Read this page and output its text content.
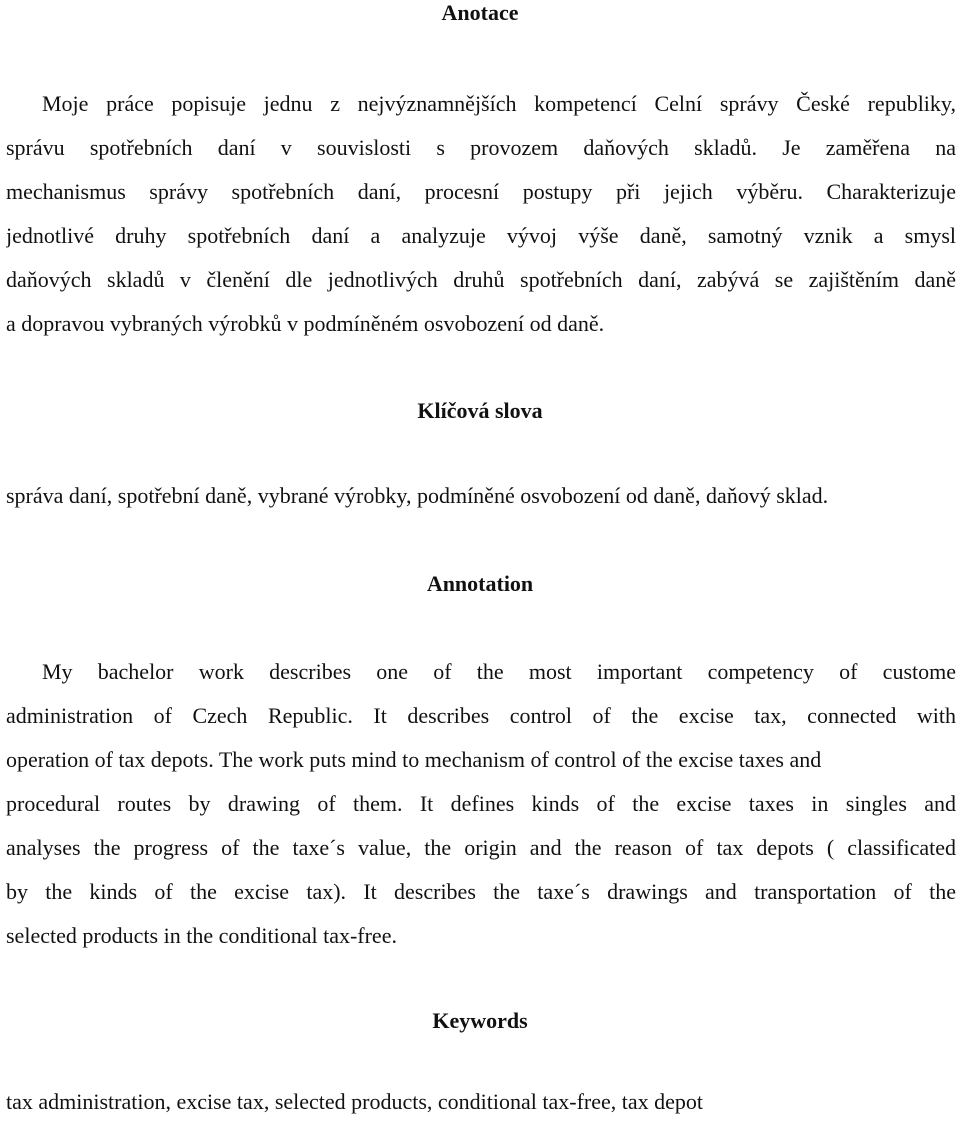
Anotace
Moje práce popisuje jednu z nejvýznamnějších kompetencí Celní správy České republiky,
správu spotřebních daní v souvislosti s provozem daňových skladů. Je zaměřena na
mechanismus správy spotřebních daní, procesní postupy při jejich výběru. Charakterizuje
jednotlivé druhy spotřebních daní a analyzuje vývoj výše daně, samotný vznik a smysl
daňových skladů v členění dle jednotlivých druhů spotřebních daní, zabývá se zajištěním daně
a dopravou vybraných výrobků v podmíněném osvobození od daně.
Klíčová slova
správa daní, spotřební daně, vybrané výrobky, podmíněné osvobození od daně, daňový sklad.
Annotation
My bachelor work describes one of the most important competency of custome
administration of Czech Republic. It describes control of the excise tax, connected with
operation of tax depots. The work puts mind to mechanism of control of the excise taxes and
procedural routes by drawing of them. It defines kinds of the excise taxes in singles and
analyses the progress of the taxe´s value, the origin and the reason of tax depots ( classificated
by the kinds of the excise tax). It describes the taxe´s drawings and transportation of the
selected products in the conditional tax-free.
Keywords
tax administration, excise tax, selected products, conditional tax-free, tax depot
